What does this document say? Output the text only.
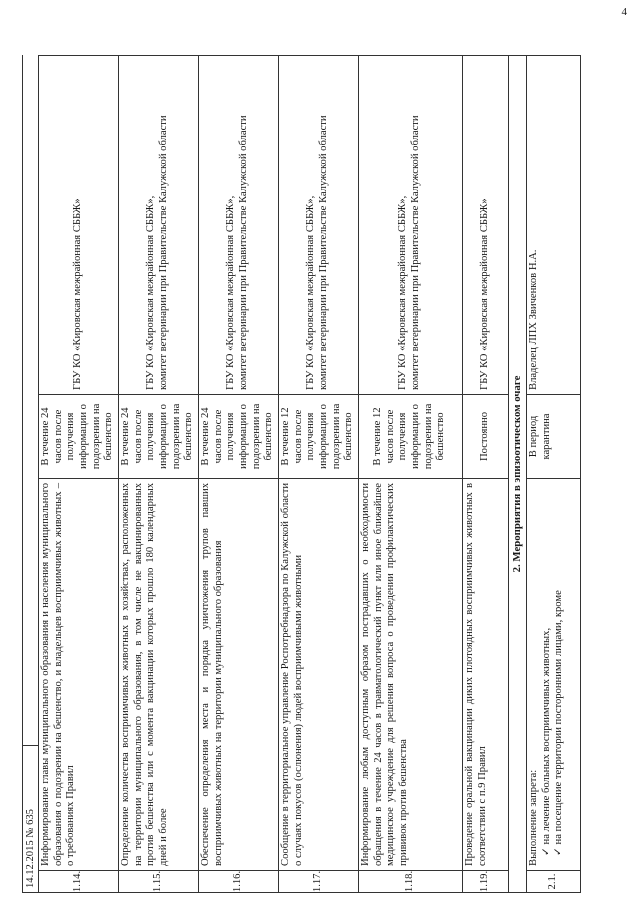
4
14.12.2015 № 635	1.14.
Информирование главы муниципального образования и населения муниципального образования о подозрении на бешенство, и владельцев восприимчивых животных – о требованиях Правил
В течение 24 часов после получения информации о подозрении на бешенство
ГБУ КО «Кировская межрайонная СББЖ»
1.15.
Определение количества восприимчивых животных в хозяйствах, расположенных на территории муниципального образования, в том числе не вакцинированных против бешенства или с момента вакцинации которых прошло 180 календарных дней и более
В течение 24 часов после получения информации о подозрении на бешенство
ГБУ КО «Кировская межрайонная СББЖ», комитет ветеринарии при Правительстве Калужской области
1.16.
Обеспечение определения места и порядка уничтожения трупов павших восприимчивых животных на территории муниципального образования
В течение 24 часов после получения информации о подозрении на бешенство
ГБУ КО «Кировская межрайонная СББЖ», комитет ветеринарии при Правительстве Калужской области
1.17.
Сообщение в территориальное управление Роспотребнадзора по Калужской области о случаях покусов (ослюнения) людей восприимчивыми животными
В течение 12 часов после получения информации о подозрении на бешенство
ГБУ КО «Кировская межрайонная СББЖ», комитет ветеринарии при Правительстве Калужской области
1.18.
Информирование любым доступным образом пострадавших о необходимости обращения в течение 24 часов в травматологический пункт или иное ближайшее медицинское учреждение для решения вопроса о проведении профилактических прививок против бешенства
В течение 12 часов после получения информации о подозрении на бешенство
ГБУ КО «Кировская межрайонная СББЖ», комитет ветеринарии при Правительстве Калужской области
1.19.
Проведение оральной вакцинации диких плотоядных восприимчивых животных в соответствии с п.9 Правил
Постоянно
ГБУ КО «Кировская межрайонная СББЖ»
2. Мероприятия в эпизоотическом очаге
2.1.
Выполнение запрета: ✓ на лечение больных восприимчивых животных, ✓ на посещение территории посторонними лицами, кроме
В период карантина
Владелец ЛПХ Звиченков Н.А.
